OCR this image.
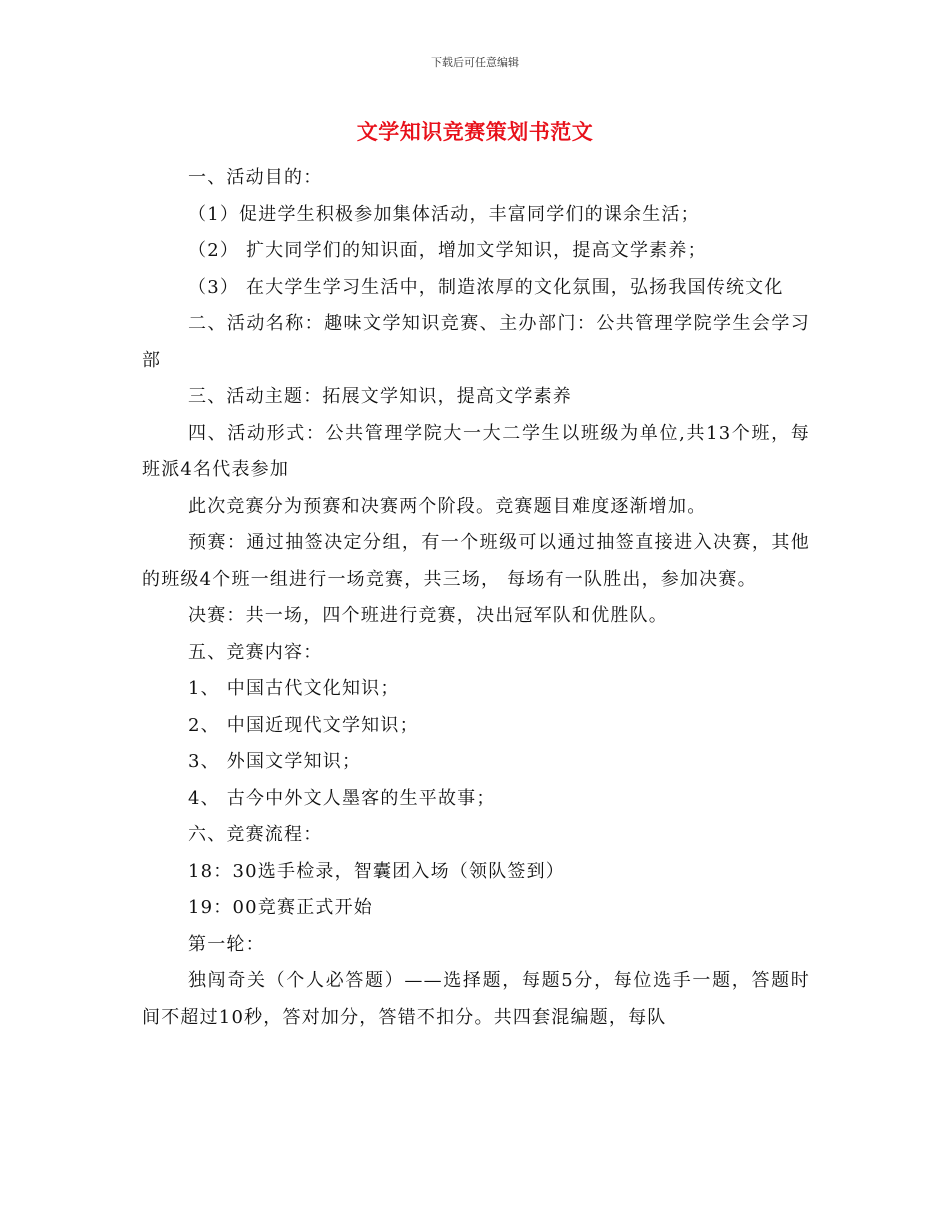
下载后可任意编辑
文学知识竞赛策划书范文

一、活动目的：

（1）促进学生积极参加集体活动，丰富同学们的课余生活；

（2） 扩大同学们的知识面，增加文学知识，提高文学素养；

（3） 在大学生学习生活中，制造浓厚的文化氛围，弘扬我国传统文化

二、活动名称：趣味文学知识竞赛、主办部门：公共管理学院学生会学习部

三、活动主题：拓展文学知识，提高文学素养

四、活动形式：公共管理学院大一大二学生以班级为单位,共13个班，每班派4名代表参加

此次竞赛分为预赛和决赛两个阶段。竞赛题目难度逐渐增加。

预赛：通过抽签决定分组，有一个班级可以通过抽签直接进入决赛，其他的班级4个班一组进行一场竞赛，共三场， 每场有一队胜出，参加决赛。

决赛：共一场，四个班进行竞赛，决出冠军队和优胜队。

五、竞赛内容：

1、 中国古代文化知识；

2、 中国近现代文学知识；

3、 外国文学知识；

4、 古今中外文人墨客的生平故事；

六、竞赛流程：

18：30选手检录，智囊团入场（领队签到）

19：00竞赛正式开始

第一轮：

独闯奇关（个人必答题）——选择题，每题5分，每位选手一题，答题时间不超过10秒，答对加分，答错不扣分。共四套混编题，每队
